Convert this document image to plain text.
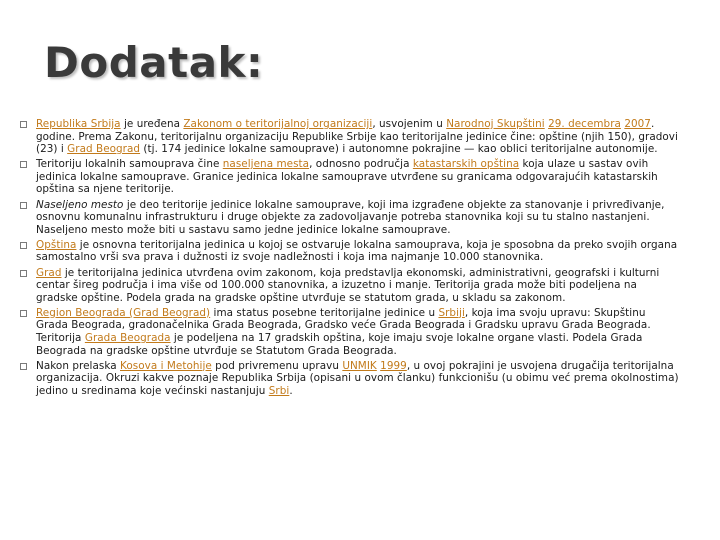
Dodatak:
Republika Srbija je uređena Zakonom o teritorijalnoj organizaciji, usvojenim u Narodnoj Skupštini 29. decembra 2007. godine. Prema Zakonu, teritorijalnu organizaciju Republike Srbije kao teritorijalne jedinice čine: opštine (njih 150), gradovi (23) i Grad Beograd (tj. 174 jedinice lokalne samouprave) i autonomne pokrajine — kao oblici teritorijalne autonomije.
Teritoriju lokalnih samouprava čine naseljena mesta, odnosno područja katastarskih opština koja ulaze u sastav ovih jedinica lokalne samouprave. Granice jedinica lokalne samouprave utvrđene su granicama odgovarajućih katastarskih opština sa njene teritorije.
Naseljeno mesto je deo teritorije jedinice lokalne samouprave, koji ima izgrađene objekte za stanovanje i privređivanje, osnovnu komunalnu infrastrukturu i druge objekte za zadovoljavanje potreba stanovnika koji su tu stalno nastanjeni. Naseljeno mesto može biti u sastavu samo jedne jedinice lokalne samouprave.
Opština je osnovna teritorijalna jedinica u kojoj se ostvaruje lokalna samouprava, koja je sposobna da preko svojih organa samostalno vrši sva prava i dužnosti iz svoje nadležnosti i koja ima najmanje 10.000 stanovnika.
Grad je teritorijalna jedinica utvrđena ovim zakonom, koja predstavlja ekonomski, administrativni, geografski i kulturni centar šireg područja i ima više od 100.000 stanovnika, a izuzetno i manje. Teritorija grada može biti podeljena na gradske opštine. Podela grada na gradske opštine utvrđuje se statutom grada, u skladu sa zakonom.
Region Beograda (Grad Beograd) ima status posebne teritorijalne jedinice u Srbiji, koja ima svoju upravu: Skupštinu Grada Beograda, gradonačelnika Grada Beograda, Gradsko veće Grada Beograda i Gradsku upravu Grada Beograda. Teritorija Grada Beograda je podeljena na 17 gradskih opština, koje imaju svoje lokalne organe vlasti. Podela Grada Beograda na gradske opštine utvrđuje se Statutom Grada Beograda.
Nakon prelaska Kosova i Metohije pod privremenu upravu UNMIK 1999, u ovoj pokrajini je usvojena drugačija teritorijalna organizacija. Okruzi kakve poznaje Republika Srbija (opisani u ovom članku) funkcionišu (u obimu već prema okolnostima) jedino u sredinama koje većinski nastanjuju Srbi.
